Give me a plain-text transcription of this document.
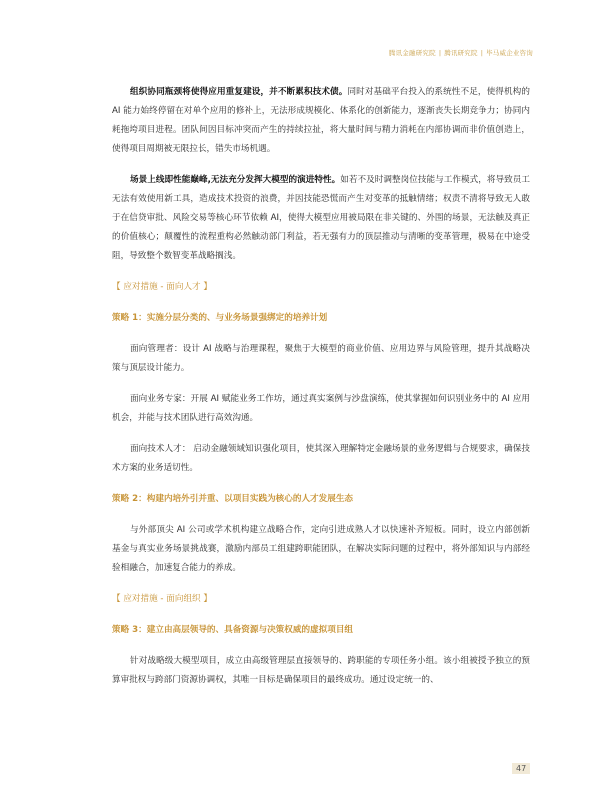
腾讯金融研究院 | 腾讯研究院 | 毕马威企业咨询

组织协同瓶颈将使得应用重复建设，并不断累积技术债。同时对基础平台投入的系统性不足，使得机构的 AI 能力始终停留在对单个应用的修补上，无法形成规模化、体系化的创新能力，逐渐丧失长期竞争力；协同内耗拖垮项目进程。团队间因目标冲突而产生的持续拉扯，将大量时间与精力消耗在内部协调而非价值创造上，使得项目周期被无限拉长，错失市场机遇。

场景上线即性能巅峰,无法充分发挥大模型的演进特性。如若不及时调整岗位技能与工作模式，将导致员工无法有效使用新工具，造成技术投资的浪费，并因技能恐慌而产生对变革的抵触情绪；权责不清将导致无人敢于在信贷审批、风险交易等核心环节依赖 AI，使得大模型应用被局限在非关键的、外围的场景，无法触及真正的价值核心；颠覆性的流程重构必然触动部门利益，若无强有力的顶层推动与清晰的变革管理，极易在中途受阻，导致整个数智变革战略搁浅。

【 应对措施 - 面向人才 】

策略 1：实施分层分类的、与业务场景强绑定的培养计划

面向管理者：设计 AI 战略与治理课程，聚焦于大模型的商业价值、应用边界与风险管理，提升其战略决策与顶层设计能力。

面向业务专家：开展 AI 赋能业务工作坊，通过真实案例与沙盘演练，使其掌握如何识别业务中的 AI 应用机会，并能与技术团队进行高效沟通。

面向技术人才： 启动金融领域知识强化项目，使其深入理解特定金融场景的业务逻辑与合规要求，确保技术方案的业务适切性。

策略 2：构建内培外引并重、以项目实践为核心的人才发展生态

与外部顶尖 AI 公司或学术机构建立战略合作，定向引进成熟人才以快速补齐短板。同时，设立内部创新基金与真实业务场景挑战赛，激励内部员工组建跨职能团队，在解决实际问题的过程中，将外部知识与内部经验相融合，加速复合能力的养成。

【 应对措施 - 面向组织 】

策略 3：建立由高层领导的、具备资源与决策权威的虚拟项目组

针对战略级大模型项目，成立由高级管理层直接领导的、跨职能的专项任务小组。该小组被授予独立的预算审批权与跨部门资源协调权，其唯一目标是确保项目的最终成功。通过设定统一的、

47
